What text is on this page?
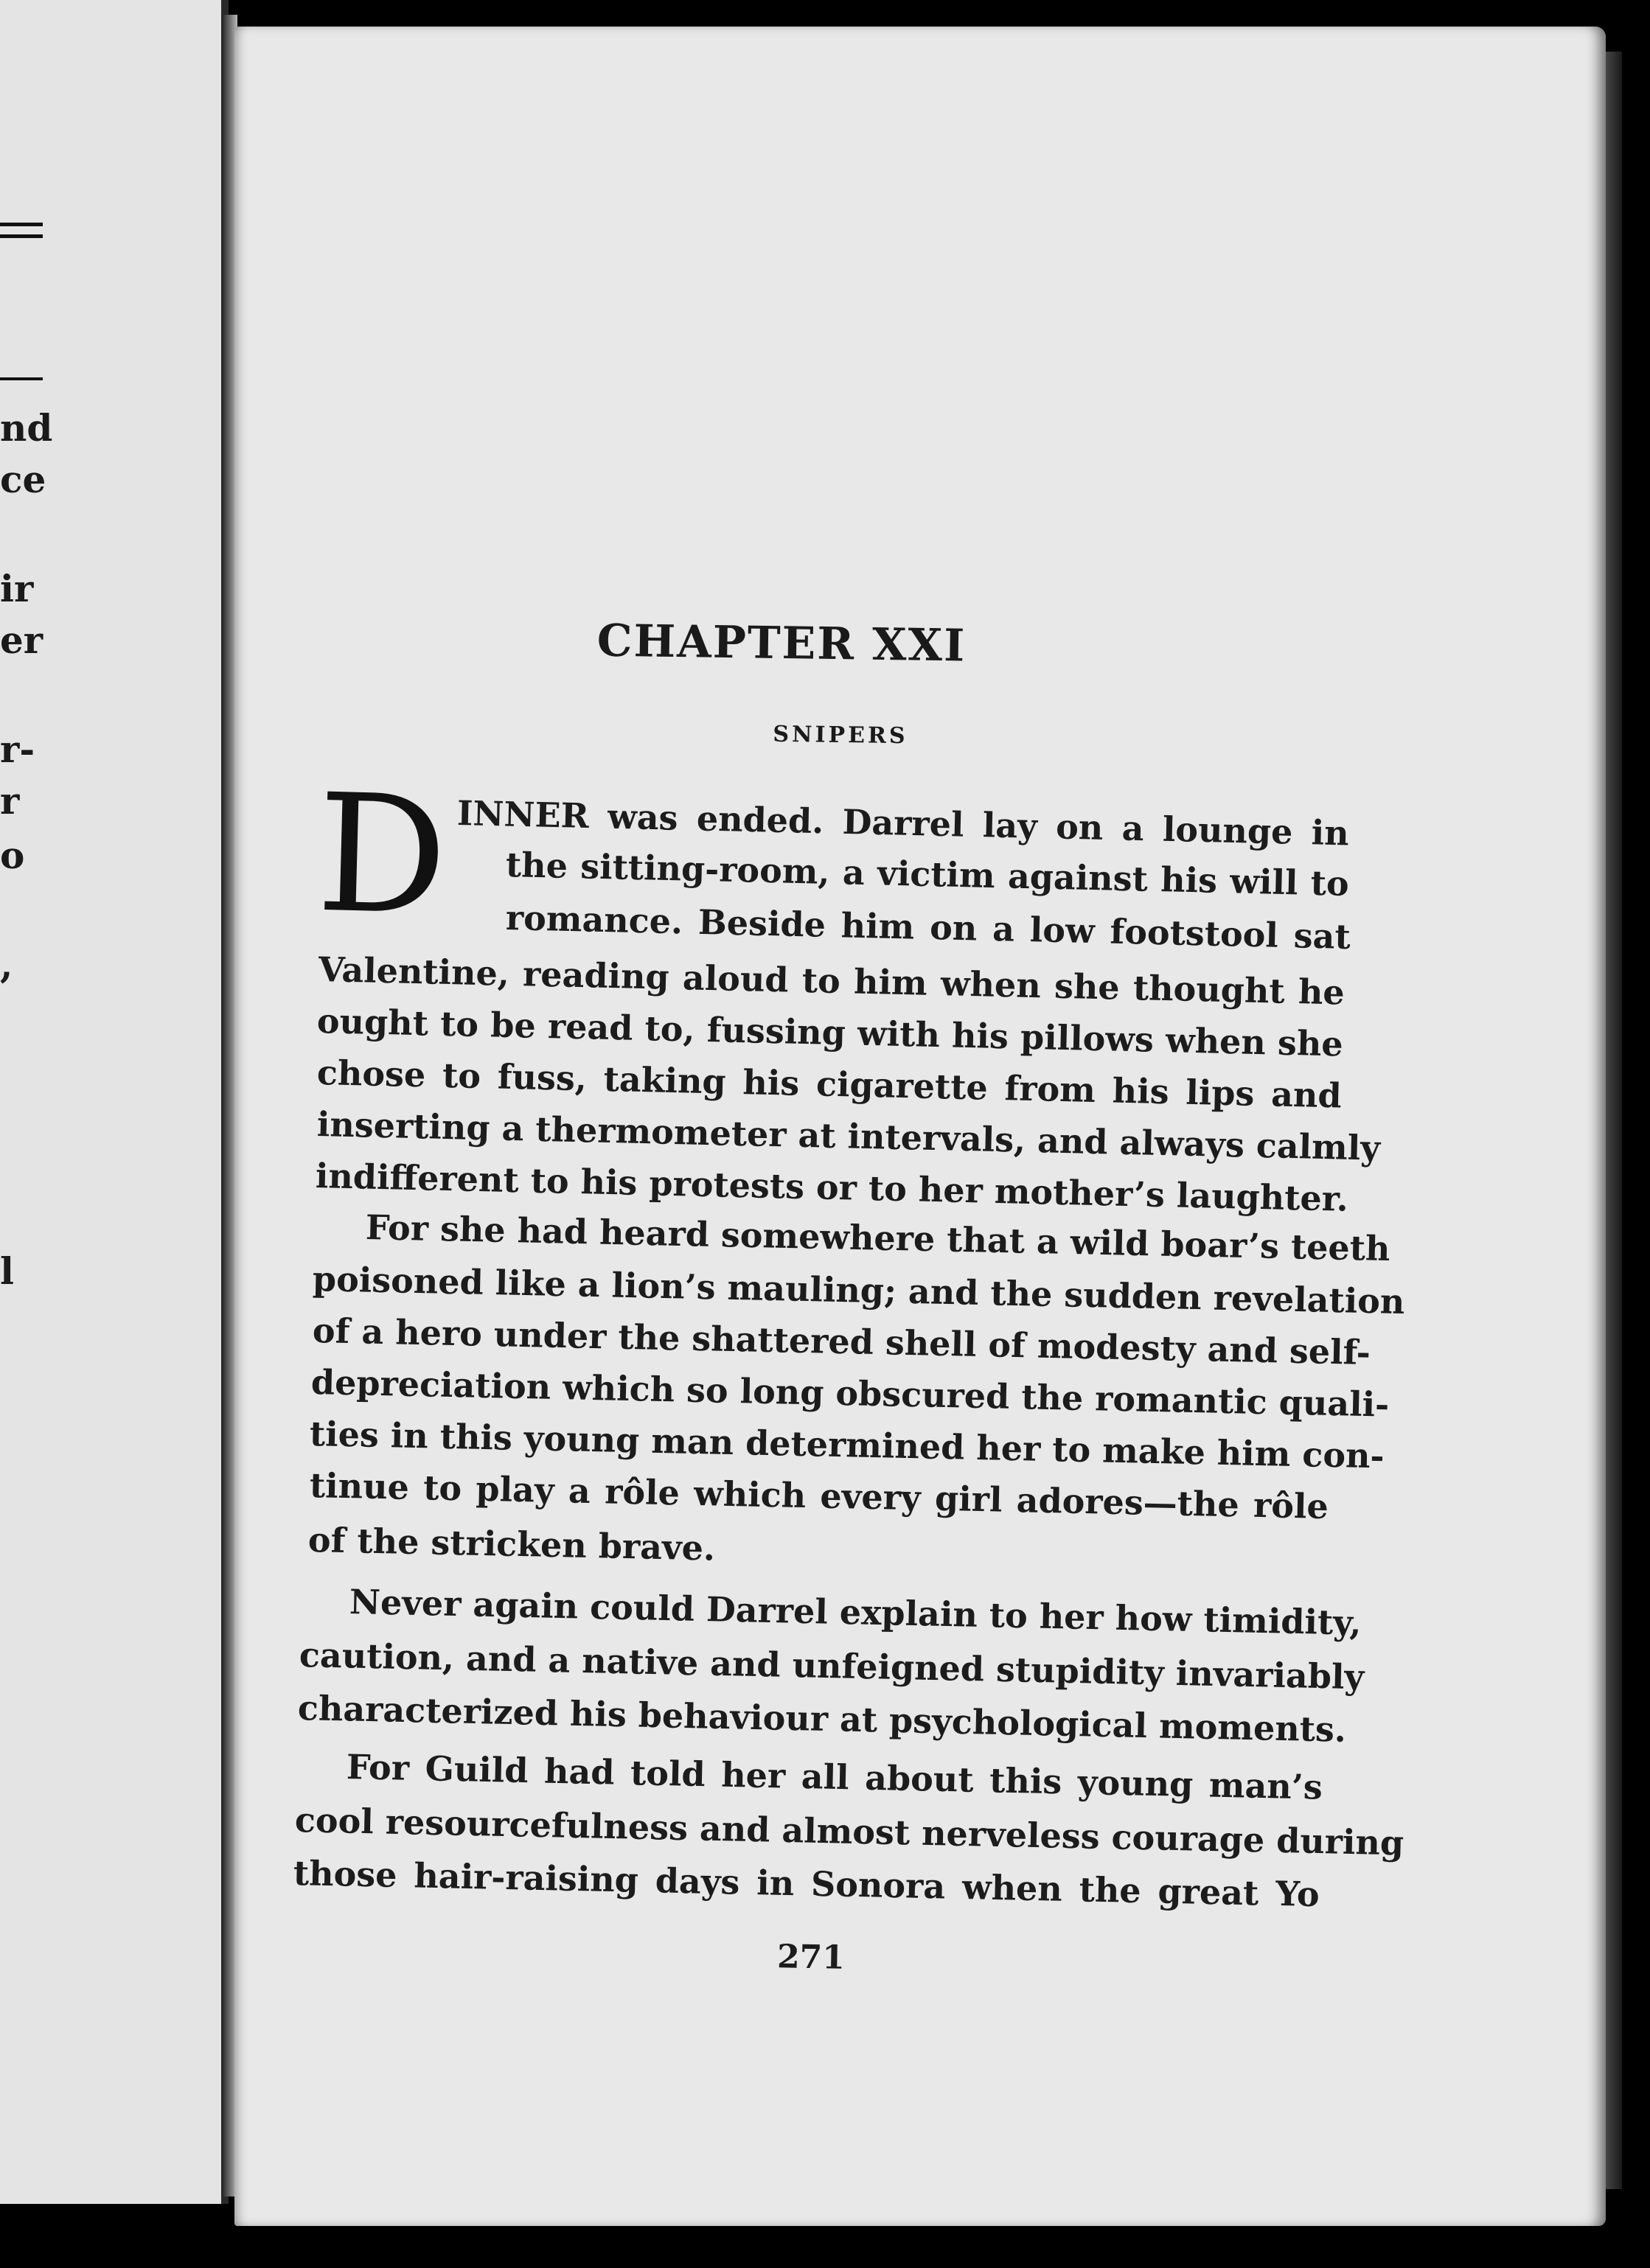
nd
ce
ir
er
r-
r
o
,
l
CHAPTER XXI
SNIPERS
D INNER was ended. Darrel lay on a lounge in
the sitting-room, a victim against his will to
romance. Beside him on a low footstool sat
Valentine, reading aloud to him when she thought he
ought to be read to, fussing with his pillows when she
chose to fuss, taking his cigarette from his lips and
inserting a thermometer at intervals, and always calmly
indifferent to his protests or to her mother’s laughter.
For she had heard somewhere that a wild boar’s teeth
poisoned like a lion’s mauling; and the sudden revelation
of a hero under the shattered shell of modesty and self-
depreciation which so long obscured the romantic quali-
ties in this young man determined her to make him con-
tinue to play a rôle which every girl adores—the rôle
of the stricken brave.
Never again could Darrel explain to her how timidity,
caution, and a native and unfeigned stupidity invariably
characterized his behaviour at psychological moments.
For Guild had told her all about this young man’s
cool resourcefulness and almost nerveless courage during
those hair-raising days in Sonora when the great Yo
271
